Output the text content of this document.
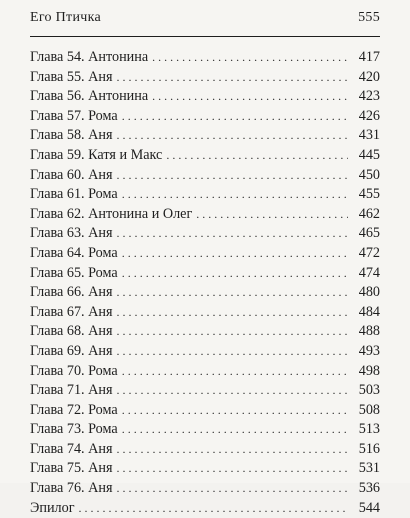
Его Птичка	555
Глава 54. Антонина . . .	417
Глава 55. Аня . . .	420
Глава 56. Антонина . . .	423
Глава 57. Рома . . .	426
Глава 58. Аня . . .	431
Глава 59. Катя и Макс . . .	445
Глава 60. Аня . . .	450
Глава 61. Рома . . .	455
Глава 62. Антонина и Олег . . .	462
Глава 63. Аня . . .	465
Глава 64. Рома . . .	472
Глава 65. Рома . . .	474
Глава 66. Аня . . .	480
Глава 67. Аня . . .	484
Глава 68. Аня . . .	488
Глава 69. Аня . . .	493
Глава 70. Рома . . .	498
Глава 71. Аня . . .	503
Глава 72. Рома . . .	508
Глава 73. Рома . . .	513
Глава 74. Аня . . .	516
Глава 75. Аня . . .	531
Глава 76. Аня . . .	536
Эпилог . . .	544
